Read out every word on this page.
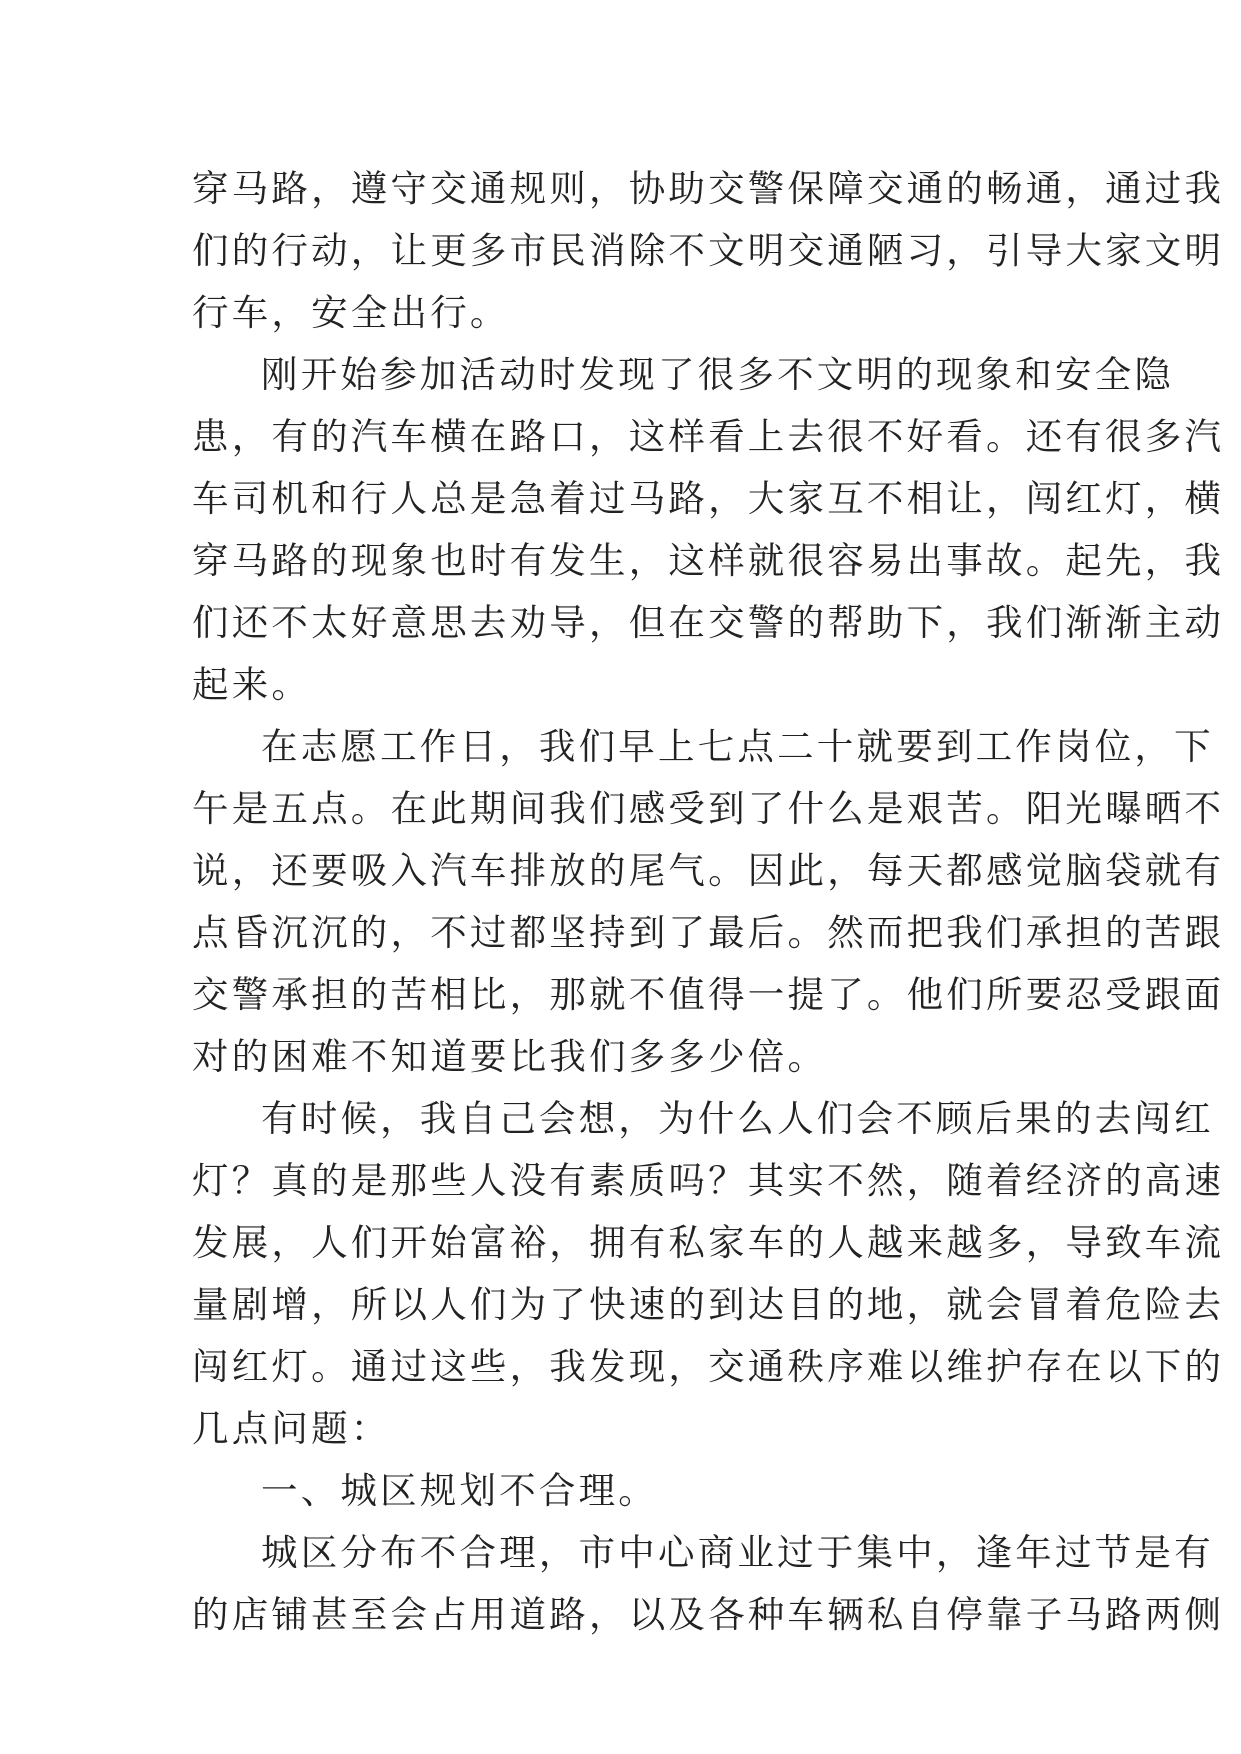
穿马路，遵守交通规则，协助交警保障交通的畅通，通过我
们的行动，让更多市民消除不文明交通陋习，引导大家文明
行车，安全出行。
刚开始参加活动时发现了很多不文明的现象和安全隐
患，有的汽车横在路口，这样看上去很不好看。还有很多汽
车司机和行人总是急着过马路，大家互不相让，闯红灯，横
穿马路的现象也时有发生，这样就很容易出事故。起先，我
们还不太好意思去劝导，但在交警的帮助下，我们渐渐主动
起来。
在志愿工作日，我们早上七点二十就要到工作岗位，下
午是五点。在此期间我们感受到了什么是艰苦。阳光曝晒不
说，还要吸入汽车排放的尾气。因此，每天都感觉脑袋就有
点昏沉沉的，不过都坚持到了最后。然而把我们承担的苦跟
交警承担的苦相比，那就不值得一提了。他们所要忍受跟面
对的困难不知道要比我们多多少倍。
有时候，我自己会想，为什么人们会不顾后果的去闯红
灯？真的是那些人没有素质吗？其实不然，随着经济的高速
发展，人们开始富裕，拥有私家车的人越来越多，导致车流
量剧增，所以人们为了快速的到达目的地，就会冒着危险去
闯红灯。通过这些，我发现，交通秩序难以维护存在以下的
几点问题：
一、城区规划不合理。
城区分布不合理，市中心商业过于集中，逢年过节是有
的店铺甚至会占用道路，以及各种车辆私自停靠子马路两侧
